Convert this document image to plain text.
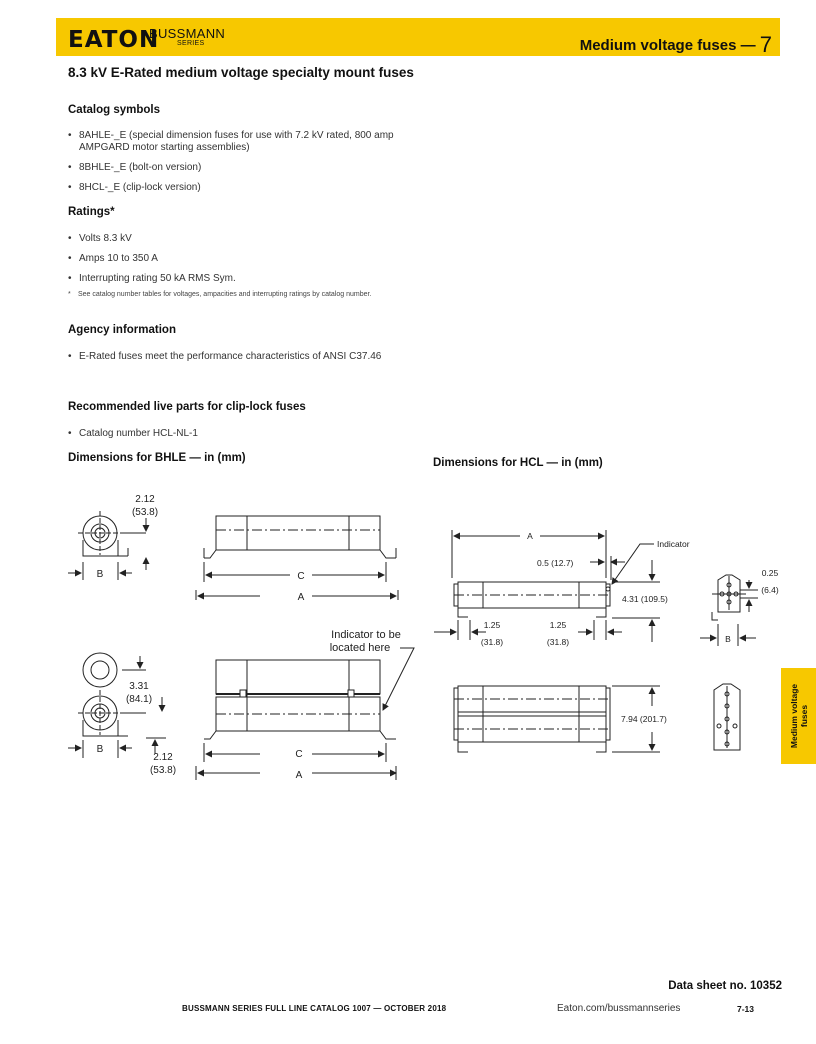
EATON
BUSSMANN
SERIES	Medium voltage fuses — 7
8.3 kV E-Rated medium voltage specialty mount fuses
Catalog symbols
• 8AHLE-_E (special dimension fuses for use with 7.2 kV rated, 800 amp AMPGARD motor starting assemblies)
• 8BHLE-_E (bolt-on version)
• 8HCL-_E (clip-lock version)
Ratings*
• Volts 8.3 kV
• Amps 10 to 350 A
• Interrupting rating 50 kA RMS Sym.
*	See catalog number tables for voltages, ampacities and interrupting ratings by catalog number.
Agency information
• E-Rated fuses meet the performance characteristics of ANSI C37.46
Recommended live parts for clip-lock fuses
• Catalog number HCL-NL-1
Dimensions for BHLE — in (mm)	Dimensions for HCL — in (mm)
2.12
(53.8)
B	C
A
Indicator to be
located here
3.31
(84.1)
B
2.12
(53.8)
C
A
A
Indicator
0.5 (12.7)
4.31 (109.5)
1.25
(31.8)
1.25
(31.8)
0.25
(6.4)
B
7.94 (201.7)	Medium voltage fuses
Data sheet no. 10352
BUSSMANN SERIES FULL LINE CATALOG 1007 — OCTOBER 2018	Eaton.com/bussmannseries	7-13
